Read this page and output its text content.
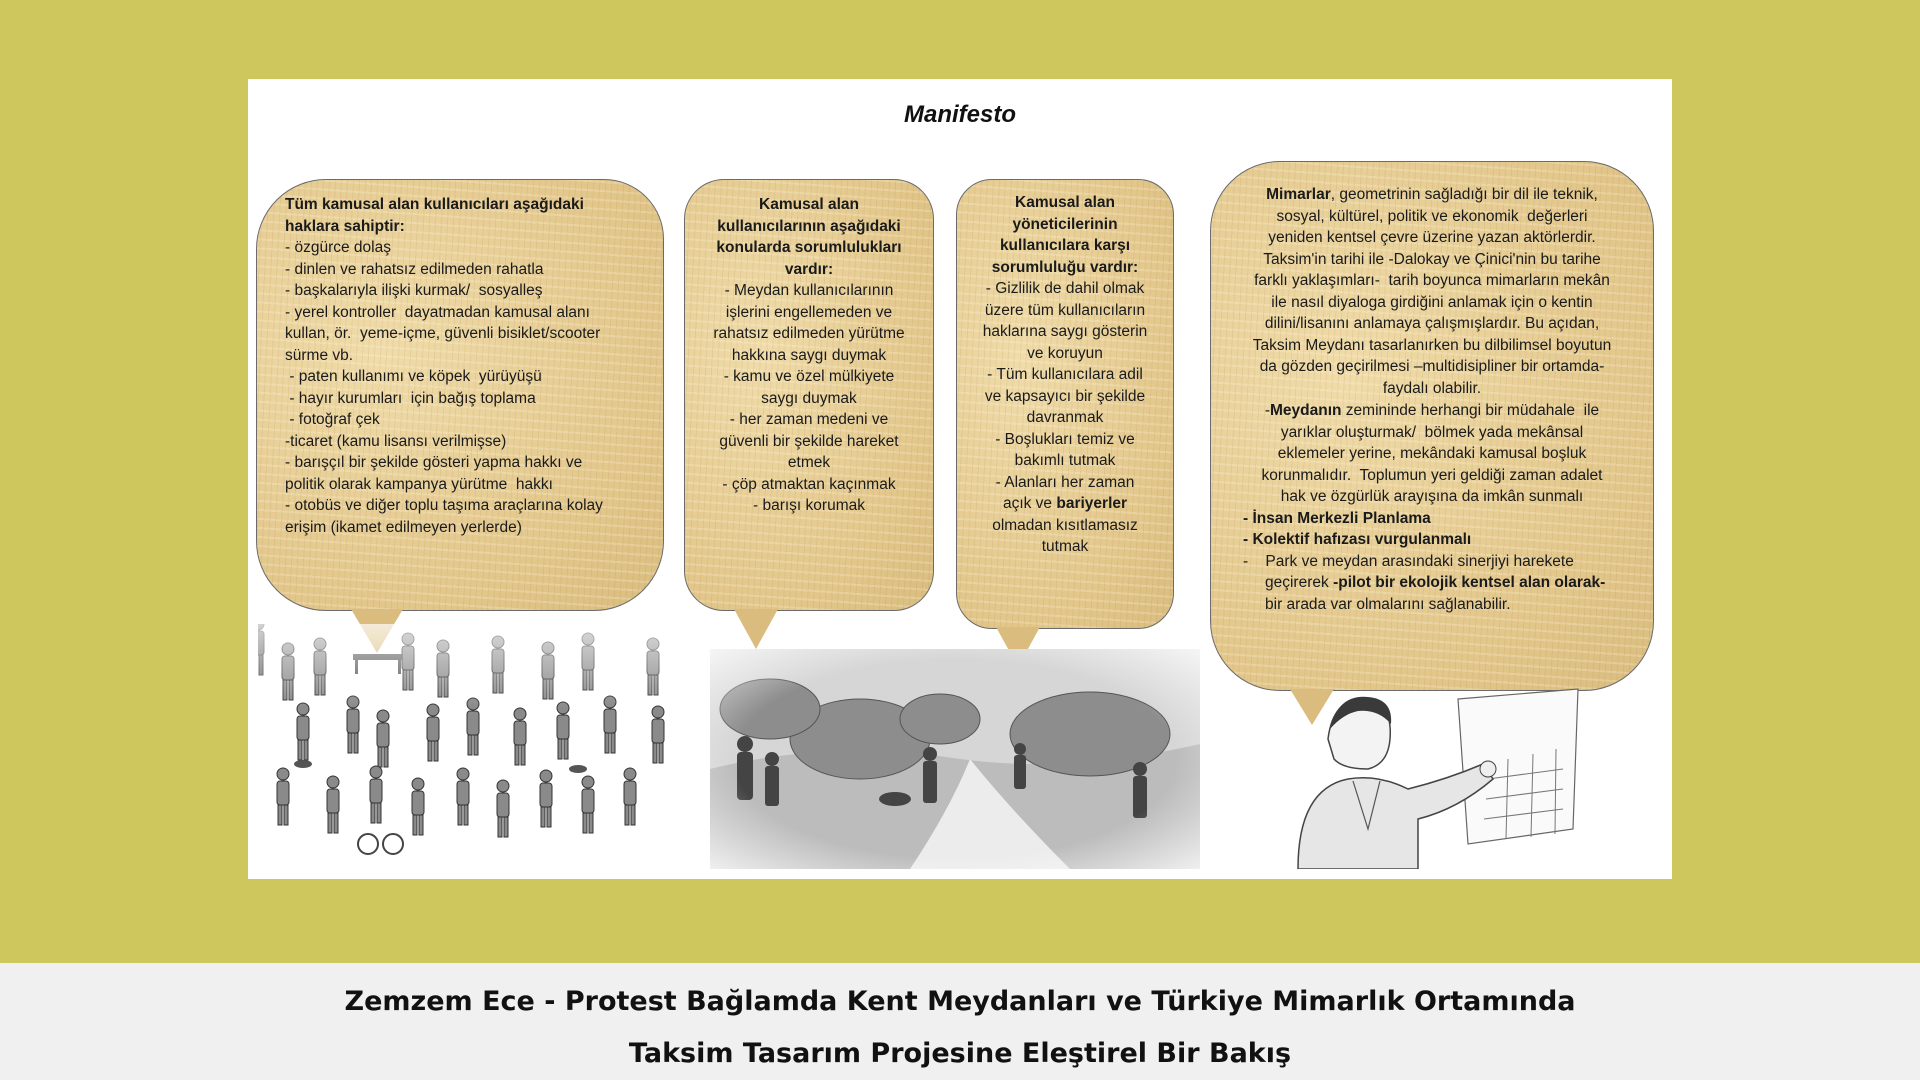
Manifesto

Tüm kamusal alan kullanıcıları aşağıdaki

haklara sahiptir:

- özgürce dolaş

- dinlen ve rahatsız edilmeden rahatla

- başkalarıyla ilişki kurmak/  sosyalleş

- yerel kontroller  dayatmadan kamusal alanı

kullan, ör.  yeme-içme, güvenli bisiklet/scooter

sürme vb.

- paten kullanımı ve köpek  yürüyüşü

- hayır kurumları  için bağış toplama

- fotoğraf çek

-ticaret (kamu lisansı verilmişse)

- barışçıl bir şekilde gösteri yapma hakkı ve

politik olarak kampanya yürütme  hakkı

- otobüs ve diğer toplu taşıma araçlarına kolay

erişim (ikamet edilmeyen yerlerde)

Kamusal alan

kullanıcılarının aşağıdaki

konularda sorumlulukları

vardır:

- Meydan kullanıcılarının

işlerini engellemeden ve

rahatsız edilmeden yürütme

hakkına saygı duymak

- kamu ve özel mülkiyete

saygı duymak

- her zaman medeni ve

güvenli bir şekilde hareket

etmek

- çöp atmaktan kaçınmak

- barışı korumak

Kamusal alan

yöneticilerinin

kullanıcılara karşı

sorumluluğu vardır:

- Gizlilik de dahil olmak

üzere tüm kullanıcıların

haklarına saygı gösterin

ve koruyun

- Tüm kullanıcılara adil

ve kapsayıcı bir şekilde

davranmak

- Boşlukları temiz ve

bakımlı tutmak

- Alanları her zaman

açık ve bariyerler

olmadan kısıtlamasız

tutmak

Mimarlar, geometrinin sağladığı bir dil ile teknik,

sosyal, kültürel, politik ve ekonomik  değerleri

yeniden kentsel çevre üzerine yazan aktörlerdir.

Taksim'in tarihi ile -Dalokay ve Çinici'nin bu tarihe

farklı yaklaşımları-  tarih boyunca mimarların mekân

ile nasıl diyaloga girdiğini anlamak için o kentin

dilini/lisanını anlamaya çalışmışlardır. Bu açıdan,

Taksim Meydanı tasarlanırken bu dilbilimsel boyutun

da gözden geçirilmesi –multidisipliner bir ortamda-

faydalı olabilir.

-Meydanın zemininde herhangi bir müdahale  ile

yarıklar oluşturmak/  bölmek yada mekânsal

eklemeler yerine, mekândaki kamusal boşluk

korunmalıdır.  Toplumun yeri geldiği zaman adalet

hak ve özgürlük arayışına da imkân sunmalı

- İnsan Merkezli Planlama

- Kolektif hafızası vurgulanmalı

-    Park ve meydan arasındaki sinerjiyi harekete

geçirerek -pilot bir ekolojik kentsel alan olarak-

bir arada var olmalarını sağlanabilir.

Zemzem Ece - Protest Bağlamda Kent Meydanları ve Türkiye Mimarlık Ortamında
Taksim Tasarım Projesine Eleştirel Bir Bakış
